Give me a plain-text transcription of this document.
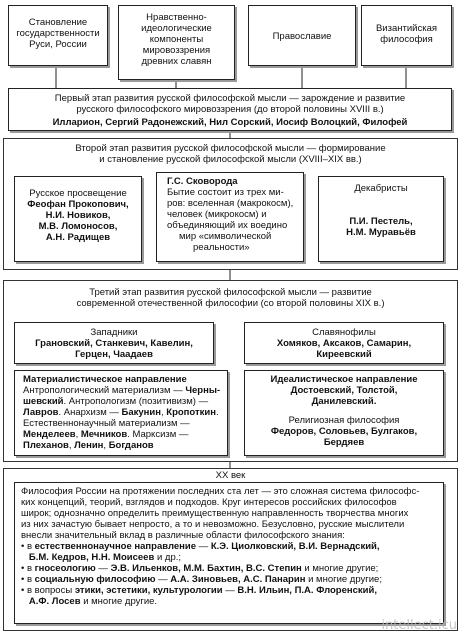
Становление
государственности
Руси, России
Нравственно-
идеологические
компоненты
мировоззрения
древних славян
Православие
Византийская
философия
Первый этап развития русской философской мысли — зарождение и развитие
русского философского мировоззрения (до второй половины XVIII в.)
Илларион, Сергий Радонежский, Нил Сорский, Иосиф Волоцкий, Филофей
Второй этап развития русской философской мысли — формирование
и становление русской философской мысли (XVIII–XIX вв.)
Русское просвещение
Феофан Прокопович,
Н.И. Новиков,
М.В. Ломоносов,
А.Н. Радищев
Г.С. Сковорода
Бытие состоит из трех ми-
ров: вселенная (макрокосм),
человек (микрокосм) и
объединяющий их воедино
мир «символической
реальности»
Декабристы
П.И. Пестель,
Н.М. Муравьёв
Третий этап развития русской философской мысли — развитие
современной отечественной философии (со второй половины XIX в.)
Западники
Грановский, Станкевич, Кавелин,
Герцен, Чаадаев
Славянофилы
Хомяков, Аксаков, Самарин,
Киреевский
Материалистическое направление
Антропологический материализм — Черны-
шевский. Антропологизм (позитивизм) —
Лавров. Анархизм — Бакунин, Кропоткин.
Естественнонаучный материализм —
Менделеев, Мечников. Марксизм —
Плеханов, Ленин, Богданов
Идеалистическое направление
Достоевский, Толстой,
Данилевский.
Религиозная философия
Федоров, Соловьев, Булгаков,
Бердяев
XX век
Философия России на протяжении последних ста лет — это сложная система философс-
ких концепций, теорий, взглядов и подходов. Круг интересов российских философов
широк; однозначно определить преимущественную направленность творчества многих
из них зачастую бывает непросто, а то и невозможно. Безусловно, русские мыслители
внесли значительный вклад в различные области философского знания:
• в естественнонаучное направление — К.Э. Циолковский, В.И. Вернадский,
Б.М. Кедров, Н.Н. Моисеев и др.;
• в гносеологию — Э.В. Ильенков, М.М. Бахтин, В.С. Степин и многие другие;
• в социальную философию — А.А. Зиновьев, А.С. Панарин и многие другие;
• в вопросы этики, эстетики, культурологии — В.Н. Ильин, П.А. Флоренский,
А.Ф. Лосев и многие другие.
intellect.icu
